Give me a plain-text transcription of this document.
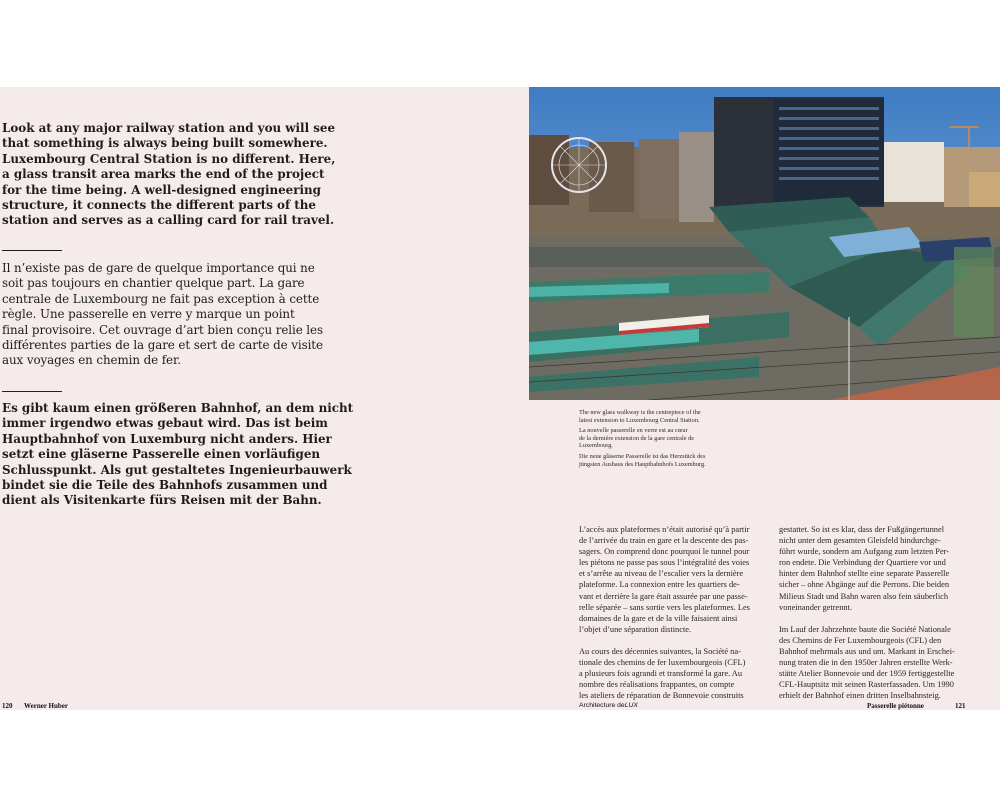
Look at any major railway station and you will see
that something is always being built somewhere.
Luxembourg Central Station is no different. Here,
a glass transit area marks the end of the project
for the time being. A well-designed engineering
structure, it connects the different parts of the
station and serves as a calling card for rail travel.

Il n’existe pas de gare de quelque importance qui ne
soit pas toujours en chantier quelque part. La gare
centrale de Luxembourg ne fait pas exception à cette
règle. Une passerelle en verre y marque un point
final provisoire. Cet ouvrage d’art bien conçu relie les
différentes parties de la gare et sert de carte de visite
aux voyages en chemin de fer.

Es gibt kaum einen größeren Bahnhof, an dem
immer irgendwo etwas gebaut wird. Das ist beim
Hauptbahnhof von Luxemburg nicht anders. Hier
setzt eine gläserne Passerelle einen vorläufigen
Schlusspunkt. Als gut gestaltetes Ingenieurbauwerk
bindet sie die Teile des Bahnhofs zusammen und
dient als Visitenkarte fürs Reisen mit der Bahn.

The new glass walkway is the centrepiece of the
latest extension to Luxembourg Central Station.

La nouvelle passerelle en verre est au cœur
de la dernière extension de la gare centrale de
Luxembourg.

Die neue gläserne Passerelle ist das Herzstück des
jüngsten Ausbaus des Hauptbahnhofs Luxemburg.

L’accès aux plateformes n’était autorisé qu’à partir
de l’arrivée du train en gare et la descente des pas-
sagers. On comprend donc pourquoi le tunnel pour
les piétons ne passe pas sous l’intégralité des voies
et s’arrête au niveau de l’escalier vers la dernière
plateforme. La connexion entre les quartiers de-
vant et derrière la gare était assurée par une passe-
relle séparée – sans sortie vers les plateformes. Les
domaines de la gare et de la ville faisaient ainsi
l’objet d’une séparation distincte.

Au cours des décennies suivantes, la Société na-
tionale des chemins de fer luxembourgeois (CFL)
a plusieurs fois agrandi et transformé la gare. Au
nombre des réalisations frappantes, on compte
les ateliers de réparation de Bonnevoie construits

gestattet. So ist es klar, dass der Fußgängertunnel
nicht unter dem gesamten Gleisfeld hindurchge-
führt wurde, sondern am Aufgang zum letzten Per-
ron endete. Die Verbindung der Quartiere vor und
hinter dem Bahnhof stellte eine separate Passerelle
sicher – ohne Abgänge auf die Perrons. Die beiden
Milieus Stadt und Bahn waren also fein säuberlich
voneinander getrennt.

Im Lauf der Jahrzehnte baute die Société Nationale
des Chemins de Fer Luxembourgeois (CFL) den
Bahnhof mehrmals aus und um. Markant in Erschei-
nung traten die in den 1950er Jahren erstellte Werk-
stätte Atelier Bonnevoie und der 1959 fertiggestellte
CFL-Hauptsitz mit seinen Rasterfassaden. Um 1990
erhielt der Bahnhof einen dritten Inselbahnsteig.

120 Werner Huber	Architecture deLUX	Passerelle piétonne	121
